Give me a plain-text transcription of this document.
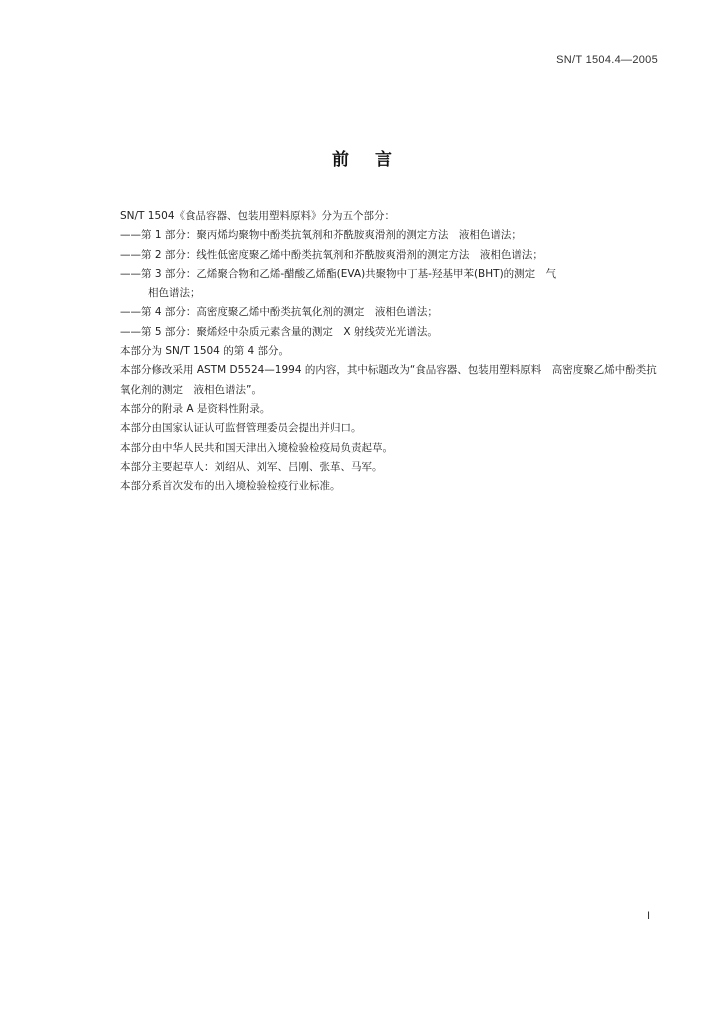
SN/T 1504.4—2005
前言

SN/T 1504《食品容器、包装用塑料原料》分为五个部分：

——第 1 部分：聚丙烯均聚物中酚类抗氧剂和芥酰胺爽滑剂的测定方法　液相色谱法；

——第 2 部分：线性低密度聚乙烯中酚类抗氧剂和芥酰胺爽滑剂的测定方法　液相色谱法；

——第 3 部分：乙烯聚合物和乙烯-醋酸乙烯酯(EVA)共聚物中丁基-羟基甲苯(BHT)的测定　气

相色谱法；

——第 4 部分：高密度聚乙烯中酚类抗氧化剂的测定　液相色谱法；

——第 5 部分：聚烯烃中杂质元素含量的测定　X 射线荧光光谱法。

本部分为 SN/T 1504 的第 4 部分。

本部分修改采用 ASTM D5524—1994 的内容，其中标题改为“食品容器、包装用塑料原料　高密度聚乙烯中酚类抗氧化剂的测定　液相色谱法”。

本部分的附录 A 是资料性附录。

本部分由国家认证认可监督管理委员会提出并归口。

本部分由中华人民共和国天津出入境检验检疫局负责起草。

本部分主要起草人：刘绍从、刘军、吕刚、张革、马军。

本部分系首次发布的出入境检验检疫行业标准。

I
